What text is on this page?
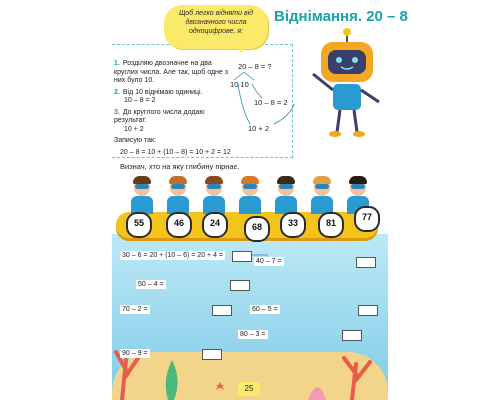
Щоб легко відняти від двозначного числа одноцифрове, я:
Віднімання. 20 – 8
1. Розділяю двозначне на два круглих числа. Але так, щоб одне з них було 10.
2. Від 10 віднімаю одиниці.
10 – 8 = 2
3. До круглого числа додаю результат.
10 + 2
Записую так:
20 – 8 = 10 + (10 – 8) = 10 + 2 = 12
20 – 8 = ?
10 10
10 – 8 = 2
10 + 2
Визнач, хто на яку глибину пірнає.
55	46	24	68	33	81
77
30 – 6 = 20 + (10 – 6) = 20 + 4 =
40 – 7 =
50 – 4 =
70 – 2 =	60 – 5 =
80 – 3 =
90 – 9 =
25
